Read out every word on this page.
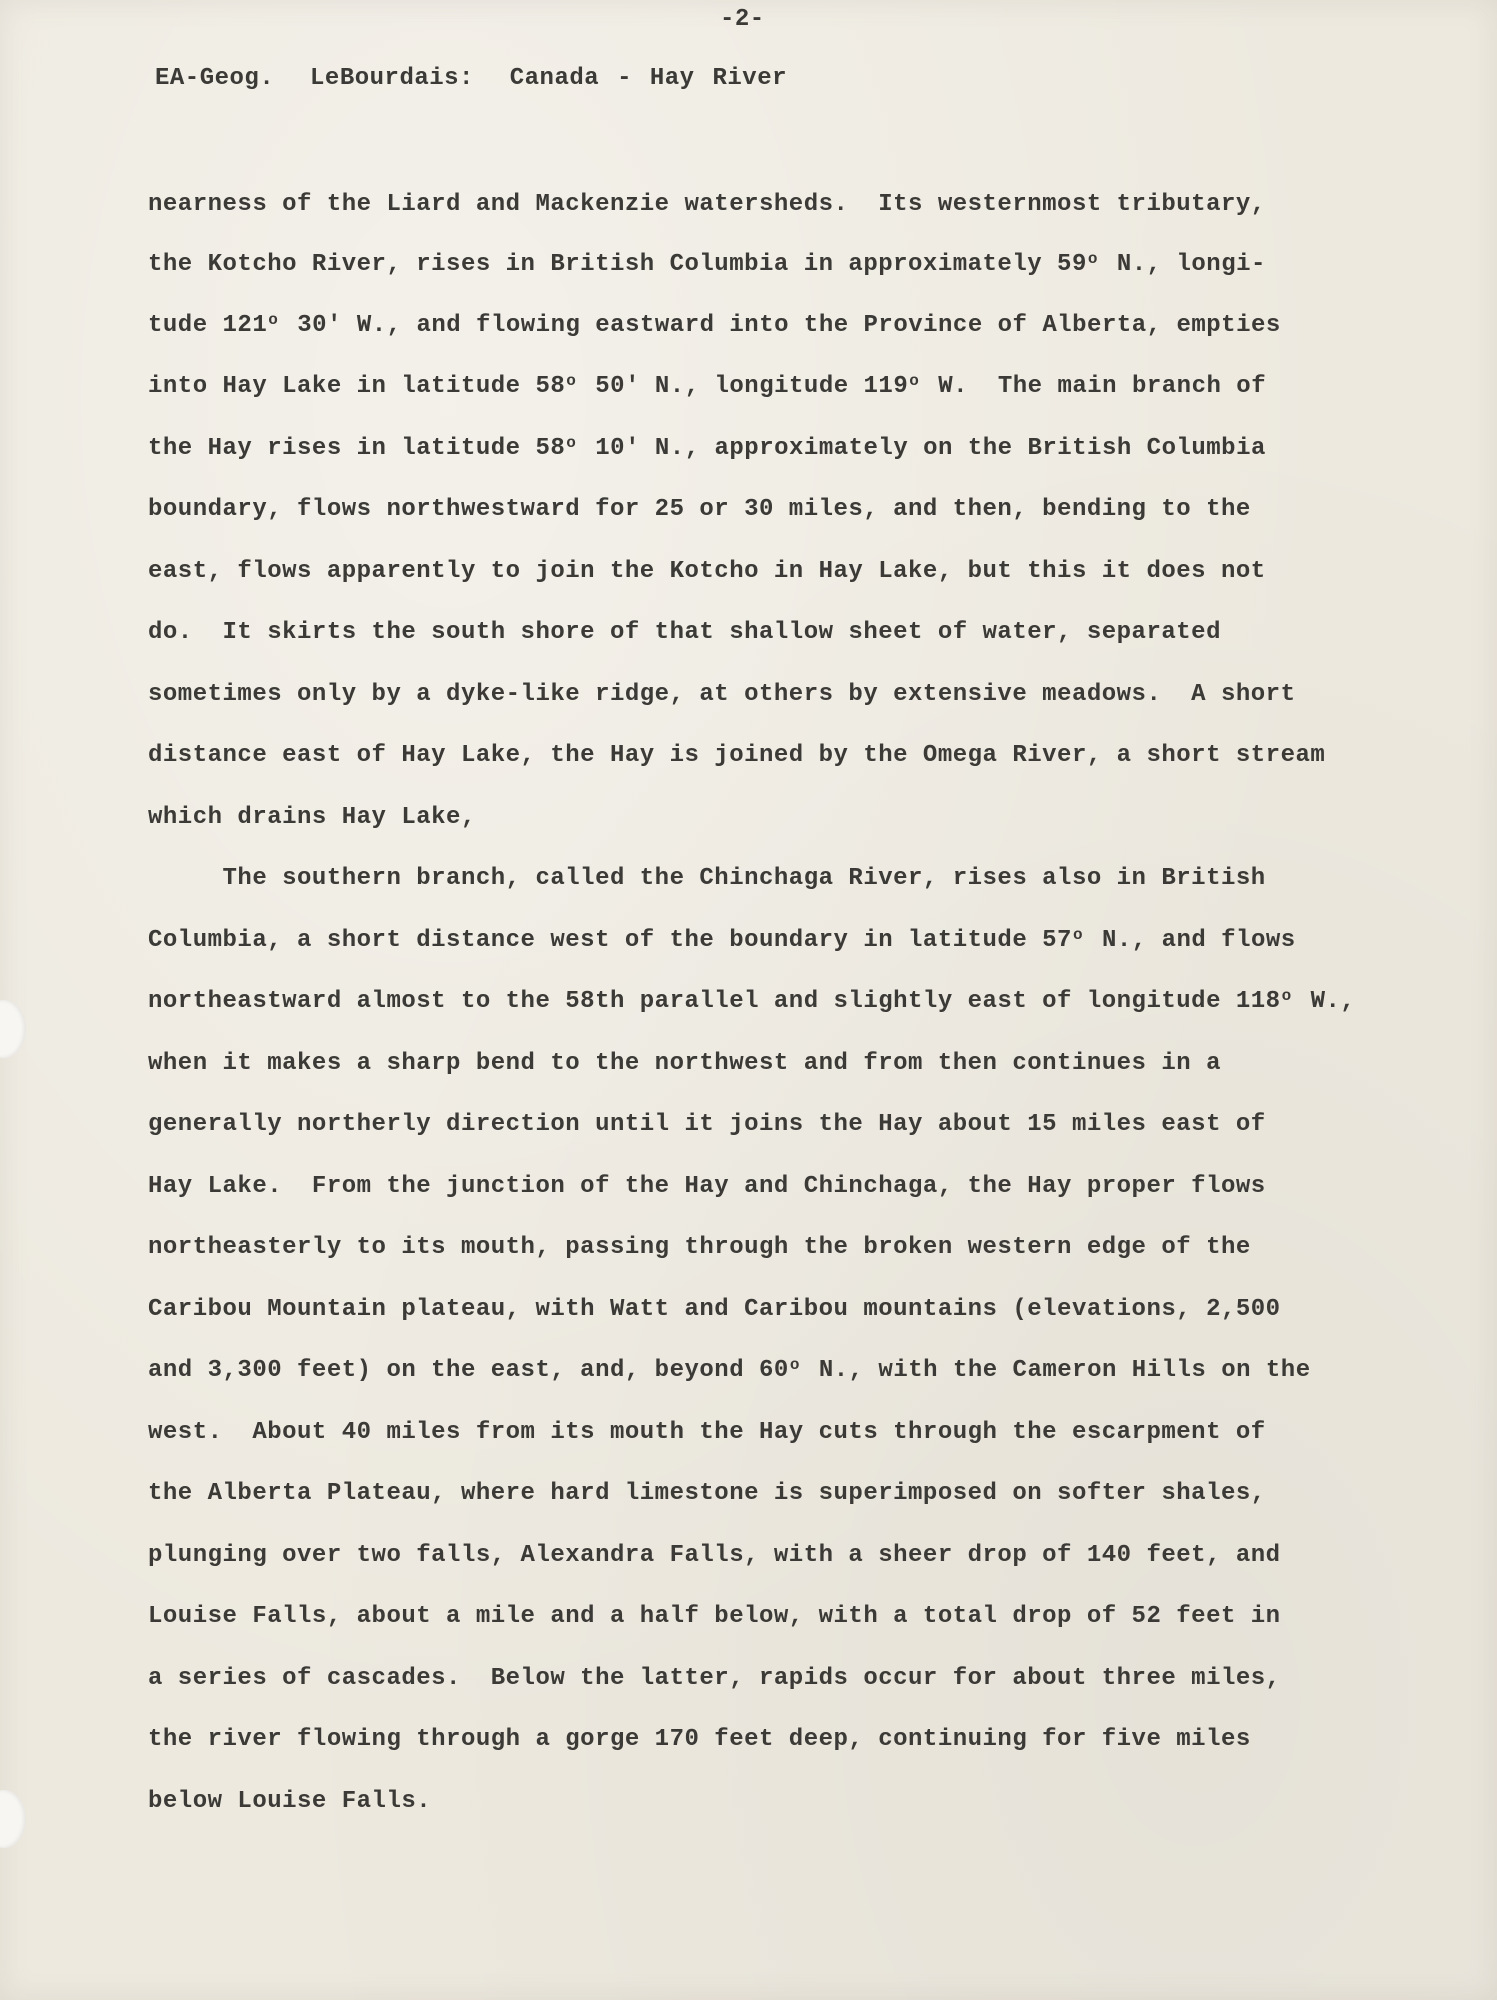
-2-

EA-Geog.  LeBourdais:  Canada - Hay River

nearness of the Liard and Mackenzie watersheds.  Its westernmost tributary,

the Kotcho River, rises in British Columbia in approximately 59$^o$ N., longi-

tude 121$^o$ 30' W., and flowing eastward into the Province of Alberta, empties

into Hay Lake in latitude 58$^o$ 50' N., longitude 119$^o$ W.  The main branch of

the Hay rises in latitude 58$^o$ 10' N., approximately on the British Columbia

boundary, flows northwestward for 25 or 30 miles, and then, bending to the

east, flows apparently to join the Kotcho in Hay Lake, but this it does not

do.  It skirts the south shore of that shallow sheet of water, separated

sometimes only by a dyke-like ridge, at others by extensive meadows.  A short

distance east of Hay Lake, the Hay is joined by the Omega River, a short stream

which drains Hay Lake,

The southern branch, called the Chinchaga River, rises also in British

Columbia, a short distance west of the boundary in latitude 57$^o$ N., and flows

northeastward almost to the 58th parallel and slightly east of longitude 118$^o$ W.,

when it makes a sharp bend to the northwest and from then continues in a

generally northerly direction until it joins the Hay about 15 miles east of

Hay Lake.  From the junction of the Hay and Chinchaga, the Hay proper flows

northeasterly to its mouth, passing through the broken western edge of the

Caribou Mountain plateau, with Watt and Caribou mountains (elevations, 2,500

and 3,300 feet) on the east, and, beyond 60$^o$ N., with the Cameron Hills on the

west.  About 40 miles from its mouth the Hay cuts through the escarpment of

the Alberta Plateau, where hard limestone is superimposed on softer shales,

plunging over two falls, Alexandra Falls, with a sheer drop of 140 feet, and

Louise Falls, about a mile and a half below, with a total drop of 52 feet in

a series of cascades.  Below the latter, rapids occur for about three miles,

the river flowing through a gorge 170 feet deep, continuing for five miles

below Louise Falls.
